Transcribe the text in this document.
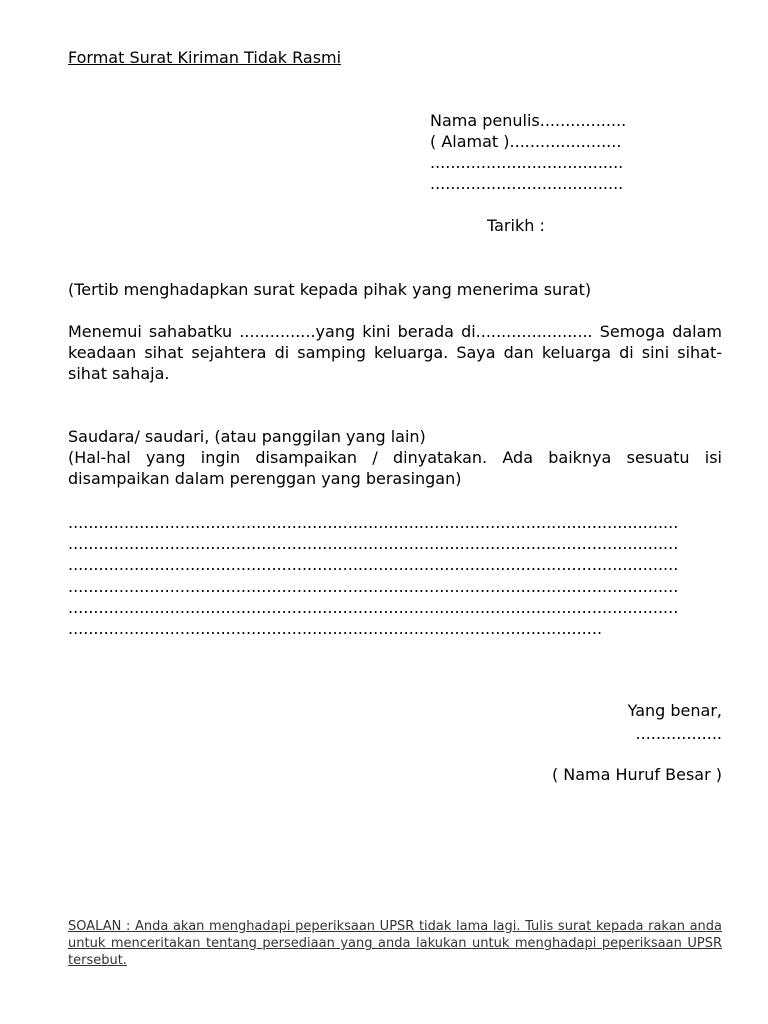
Format Surat Kiriman Tidak Rasmi
Nama penulis.................
( Alamat )......................
......................................
......................................
Tarikh :
(Tertib menghadapkan surat kepada pihak yang menerima surat)
Menemui sahabatku ...............yang kini berada di....................... Semoga dalam keadaan sihat sejahtera di samping keluarga. Saya dan keluarga di sini sihat-sihat sahaja.
Saudara/ saudari, (atau panggilan yang lain)
(Hal-hal yang ingin disampaikan / dinyatakan. Ada baiknya sesuatu isi disampaikan dalam perenggan yang berasingan)
........................................................................................................................
........................................................................................................................
........................................................................................................................
........................................................................................................................
........................................................................................................................
.........................................................................................................
Yang benar,
.................
( Nama Huruf Besar )
SOALAN : Anda akan menghadapi peperiksaan UPSR tidak lama lagi. Tulis surat kepada rakan anda untuk menceritakan tentang persediaan yang anda lakukan untuk menghadapi peperiksaan UPSR tersebut.
